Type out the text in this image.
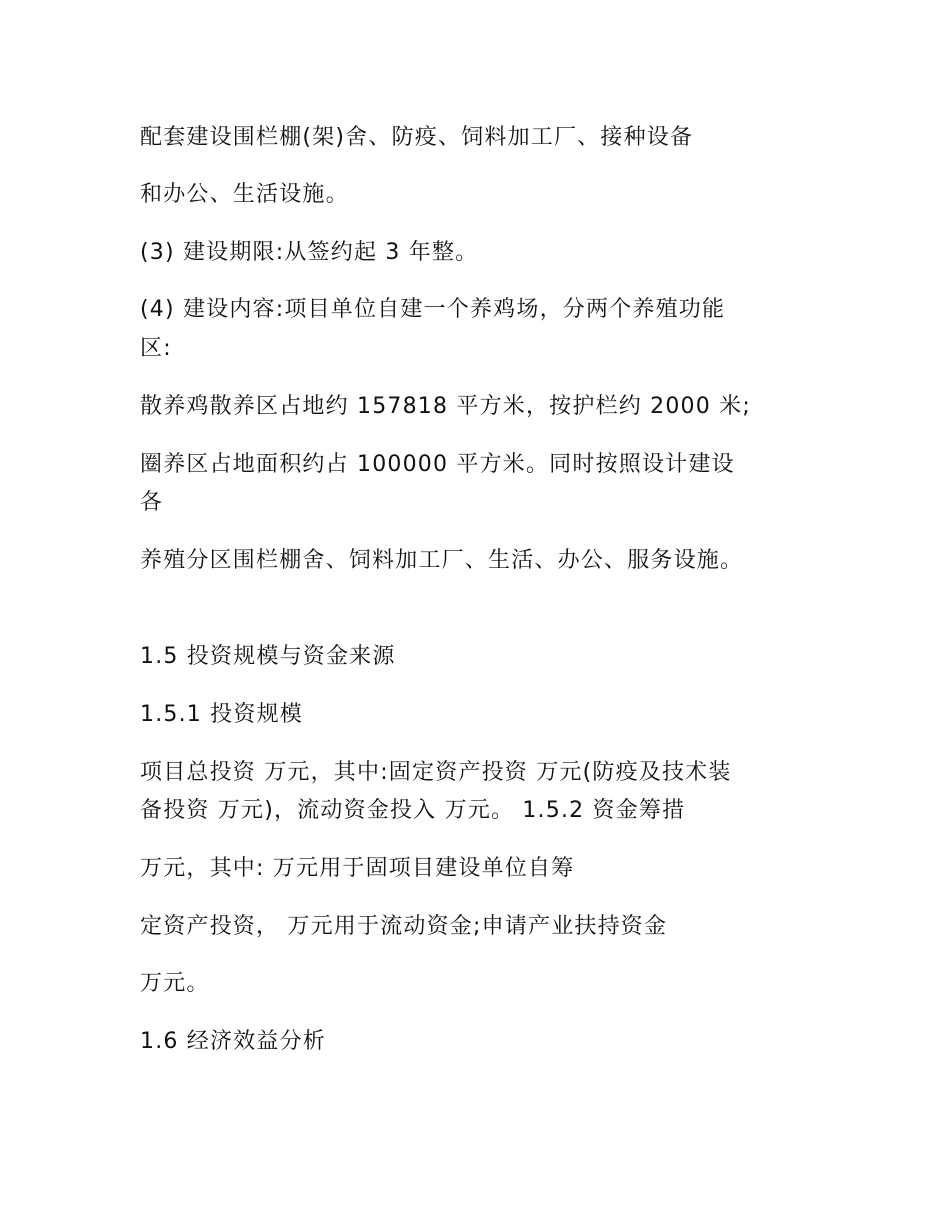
配套建设围栏棚(架)舍、防疫、饲料加工厂、接种设备

和办公、生活设施。

(3) 建设期限:从签约起 3 年整。

(4) 建设内容:项目单位自建一个养鸡场，分两个养殖功能

区:

散养鸡散养区占地约 157818 平方米，按护栏约 2000 米;

圈养区占地面积约占 100000 平方米。同时按照设计建设

各

养殖分区围栏棚舍、饲料加工厂、生活、办公、服务设施。

1.5 投资规模与资金来源

1.5.1 投资规模

项目总投资 万元，其中:固定资产投资 万元(防疫及技术装

备投资 万元)，流动资金投入 万元。 1.5.2 资金筹措

万元，其中: 万元用于固项目建设单位自筹

定资产投资， 万元用于流动资金;申请产业扶持资金

万元。

1.6 经济效益分析
